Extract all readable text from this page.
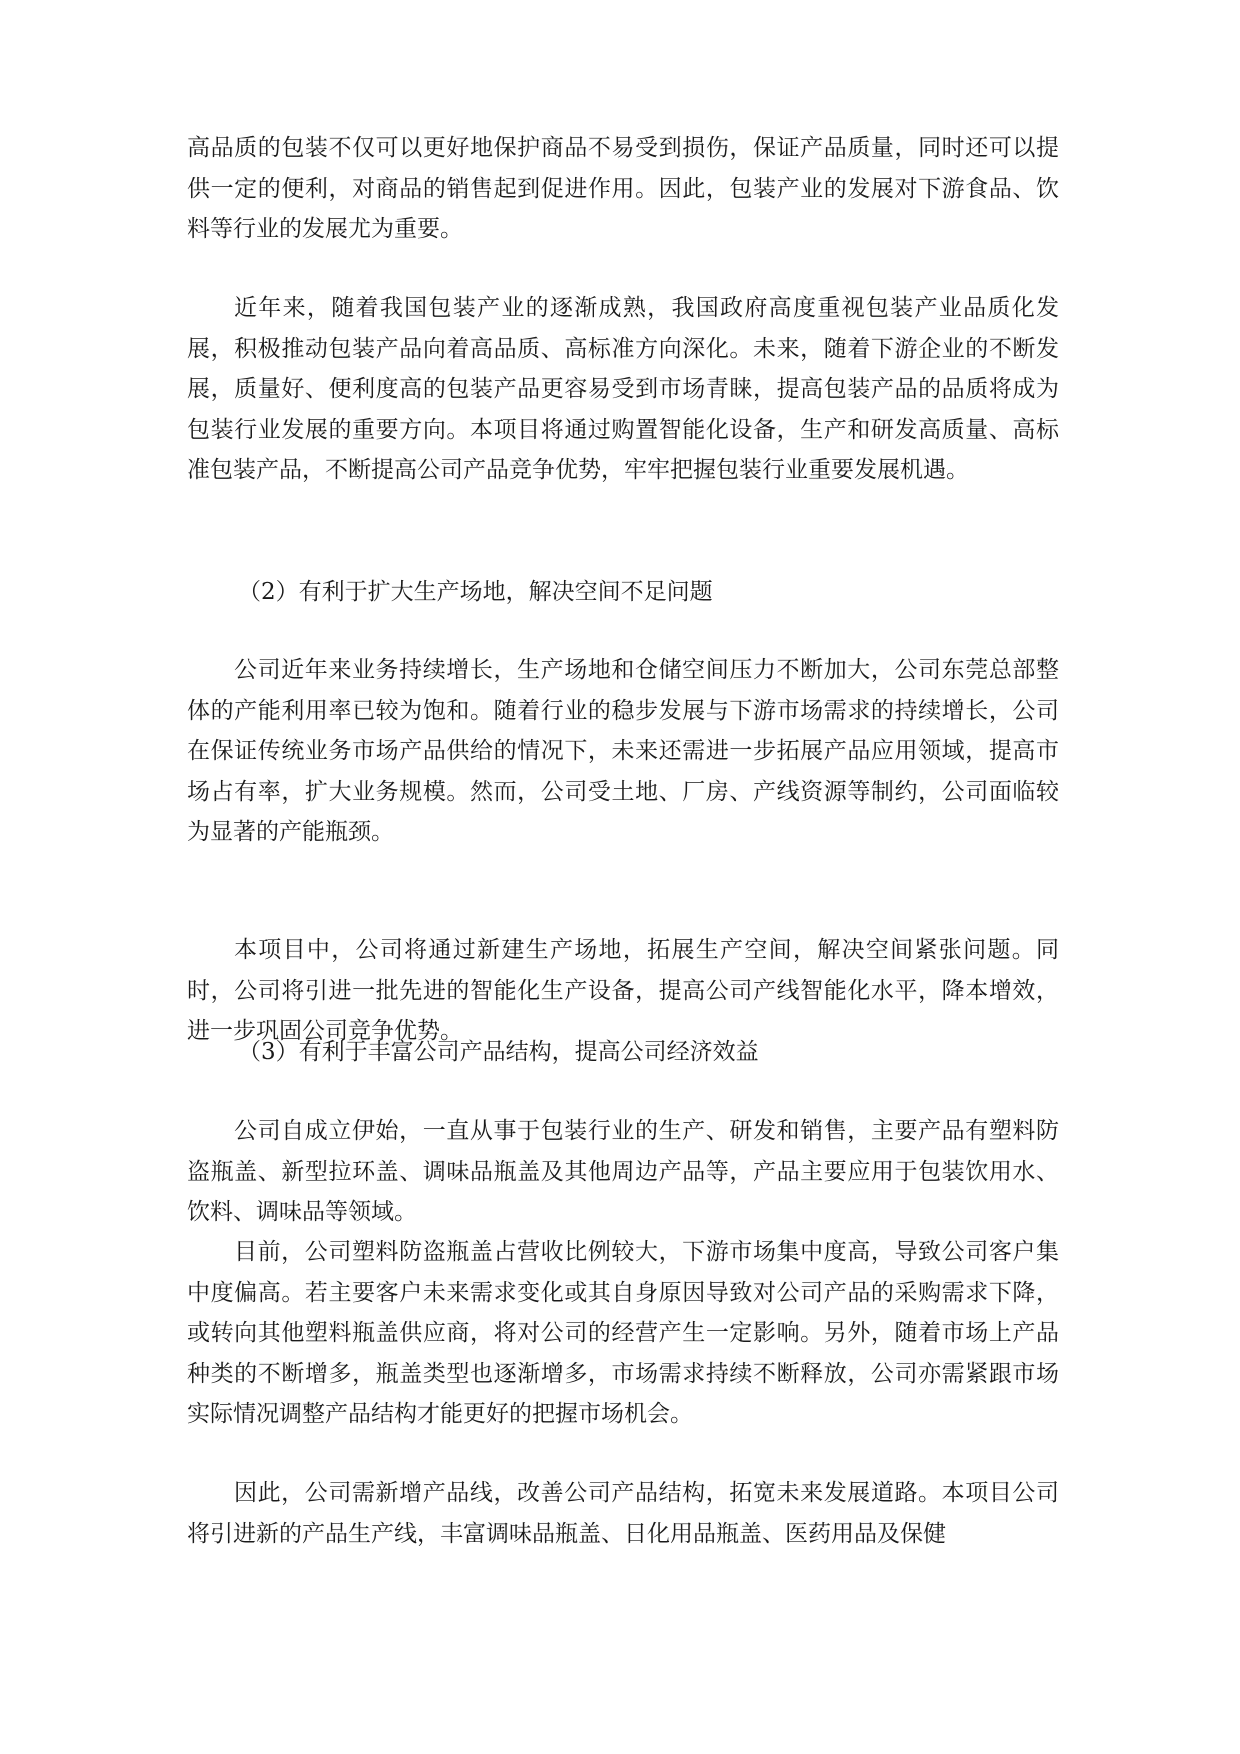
高品质的包装不仅可以更好地保护商品不易受到损伤，保证产品质量，同时还可以提供一定的便利，对商品的销售起到促进作用。因此，包装产业的发展对下游食品、饮料等行业的发展尤为重要。

近年来，随着我国包装产业的逐渐成熟，我国政府高度重视包装产业品质化发展，积极推动包装产品向着高品质、高标准方向深化。未来，随着下游企业的不断发展，质量好、便利度高的包装产品更容易受到市场青睐，提高包装产品的品质将成为包装行业发展的重要方向。本项目将通过购置智能化设备，生产和研发高质量、高标准包装产品，不断提高公司产品竞争优势，牢牢把握包装行业重要发展机遇。

（2）有利于扩大生产场地，解决空间不足问题

公司近年来业务持续增长，生产场地和仓储空间压力不断加大，公司东莞总部整体的产能利用率已较为饱和。随着行业的稳步发展与下游市场需求的持续增长，公司在保证传统业务市场产品供给的情况下，未来还需进一步拓展产品应用领域，提高市场占有率，扩大业务规模。然而，公司受土地、厂房、产线资源等制约，公司面临较为显著的产能瓶颈。

本项目中，公司将通过新建生产场地，拓展生产空间，解决空间紧张问题。同时，公司将引进一批先进的智能化生产设备，提高公司产线智能化水平，降本增效，进一步巩固公司竞争优势。

（3）有利于丰富公司产品结构，提高公司经济效益

公司自成立伊始，一直从事于包装行业的生产、研发和销售，主要产品有塑料防盗瓶盖、新型拉环盖、调味品瓶盖及其他周边产品等，产品主要应用于包装饮用水、饮料、调味品等领域。

目前，公司塑料防盗瓶盖占营收比例较大，下游市场集中度高，导致公司客户集中度偏高。若主要客户未来需求变化或其自身原因导致对公司产品的采购需求下降，或转向其他塑料瓶盖供应商，将对公司的经营产生一定影响。另外，随着市场上产品种类的不断增多，瓶盖类型也逐渐增多，市场需求持续不断释放，公司亦需紧跟市场实际情况调整产品结构才能更好的把握市场机会。

因此，公司需新增产品线，改善公司产品结构，拓宽未来发展道路。本项目公司将引进新的产品生产线，丰富调味品瓶盖、日化用品瓶盖、医药用品及保健
